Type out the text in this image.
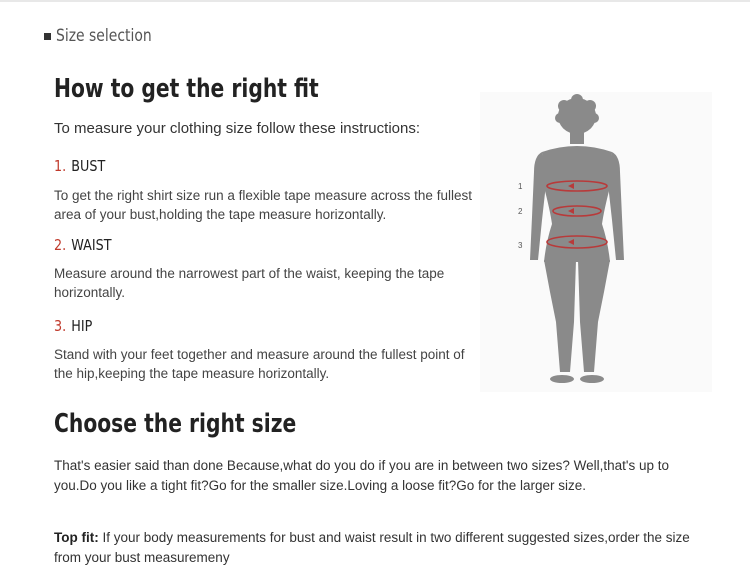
Size selection
How to get the right fit
To measure your clothing size follow these instructions:
1. BUST
To get the right shirt size run a flexible tape measure across the fullest area of your bust,holding the tape measure horizontally.
2. WAIST
Measure around the narrowest part of the waist, keeping the tape horizontally.
3. HIP
Stand with your feet together and measure around the fullest point of the hip,keeping the tape measure horizontally.
1
2
3
Choose the right size
That's easier said than done Because,what do you do if you are in between two sizes? Well,that's up to you.Do you like a tight fit?Go for the smaller size.Loving a loose fit?Go for the larger size.
Top fit: If your body measurements for bust and waist result in two different suggested sizes,order the size from your bust measuremeny
